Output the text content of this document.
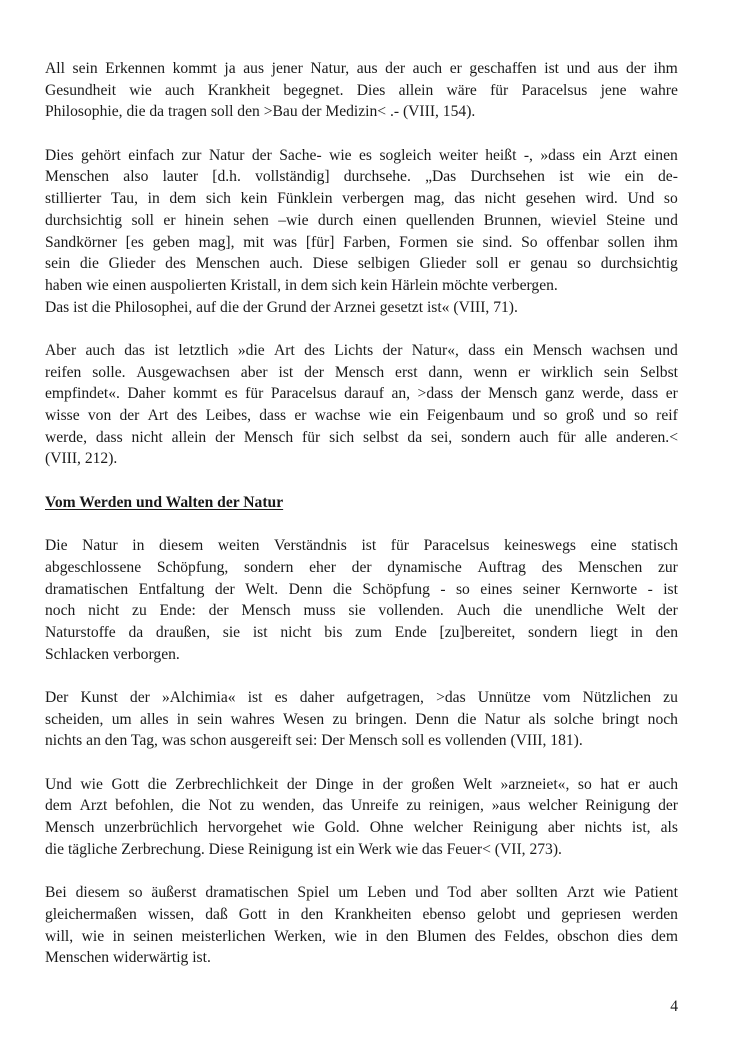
All sein Erkennen kommt ja aus jener Natur, aus der auch er geschaffen ist und aus der ihm
Gesundheit wie auch Krankheit begegnet. Dies allein wäre für Paracelsus jene wahre
Philosophie, die da tragen soll den >Bau der Medizin< .- (VIII, 154).
Dies gehört einfach zur Natur der Sache- wie es sogleich weiter heißt -, »dass ein Arzt einen
Menschen also lauter [d.h. vollständig] durchsehe. „Das Durchsehen ist wie ein de-
stillierter Tau, in dem sich kein Fünklein verbergen mag, das nicht gesehen wird. Und so
durchsichtig soll er hinein sehen –wie durch einen quellenden Brunnen, wieviel Steine und
Sandkörner [es geben mag], mit was [für] Farben, Formen sie sind. So offenbar sollen ihm
sein die Glieder des Menschen auch. Diese selbigen Glieder soll er genau so durchsichtig
haben wie einen auspolierten Kristall, in dem sich kein Härlein möchte verbergen.
Das ist die Philosophei, auf die der Grund der Arznei gesetzt ist« (VIII, 71).
Aber auch das ist letztlich »die Art des Lichts der Natur«, dass ein Mensch wachsen und
reifen solle. Ausgewachsen aber ist der Mensch erst dann, wenn er wirklich sein Selbst
empfindet«. Daher kommt es für Paracelsus darauf an, >dass der Mensch ganz werde, dass er
wisse von der Art des Leibes, dass er wachse wie ein Feigenbaum und so groß und so reif
werde, dass nicht allein der Mensch für sich selbst da sei, sondern auch für alle anderen.<
(VIII, 212).
Vom Werden und Walten der Natur
Die Natur in diesem weiten Verständnis ist für Paracelsus keineswegs eine statisch
abgeschlossene Schöpfung, sondern eher der dynamische Auftrag des Menschen zur
dramatischen Entfaltung der Welt. Denn die Schöpfung - so eines seiner Kernworte - ist
noch nicht zu Ende: der Mensch muss sie vollenden. Auch die unendliche Welt der
Naturstoffe da draußen, sie ist nicht bis zum Ende [zu]bereitet, sondern liegt in den
Schlacken verborgen.
Der Kunst der »Alchimia« ist es daher aufgetragen, >das Unnütze vom Nützlichen zu
scheiden, um alles in sein wahres Wesen zu bringen. Denn die Natur als solche bringt noch
nichts an den Tag, was schon ausgereift sei: Der Mensch soll es vollenden (VIII, 181).
Und wie Gott die Zerbrechlichkeit der Dinge in der großen Welt »arzneiet«, so hat er auch
dem Arzt befohlen, die Not zu wenden, das Unreife zu reinigen, »aus welcher Reinigung der
Mensch unzerbrüchlich hervorgehet wie Gold. Ohne welcher Reinigung aber nichts ist, als
die tägliche Zerbrechung. Diese Reinigung ist ein Werk wie das Feuer< (VII, 273).
Bei diesem so äußerst dramatischen Spiel um Leben und Tod aber sollten Arzt wie Patient
gleichermaßen wissen, daß Gott in den Krankheiten ebenso gelobt und gepriesen werden
will, wie in seinen meisterlichen Werken, wie in den Blumen des Feldes, obschon dies dem
Menschen widerwärtig ist.
4
